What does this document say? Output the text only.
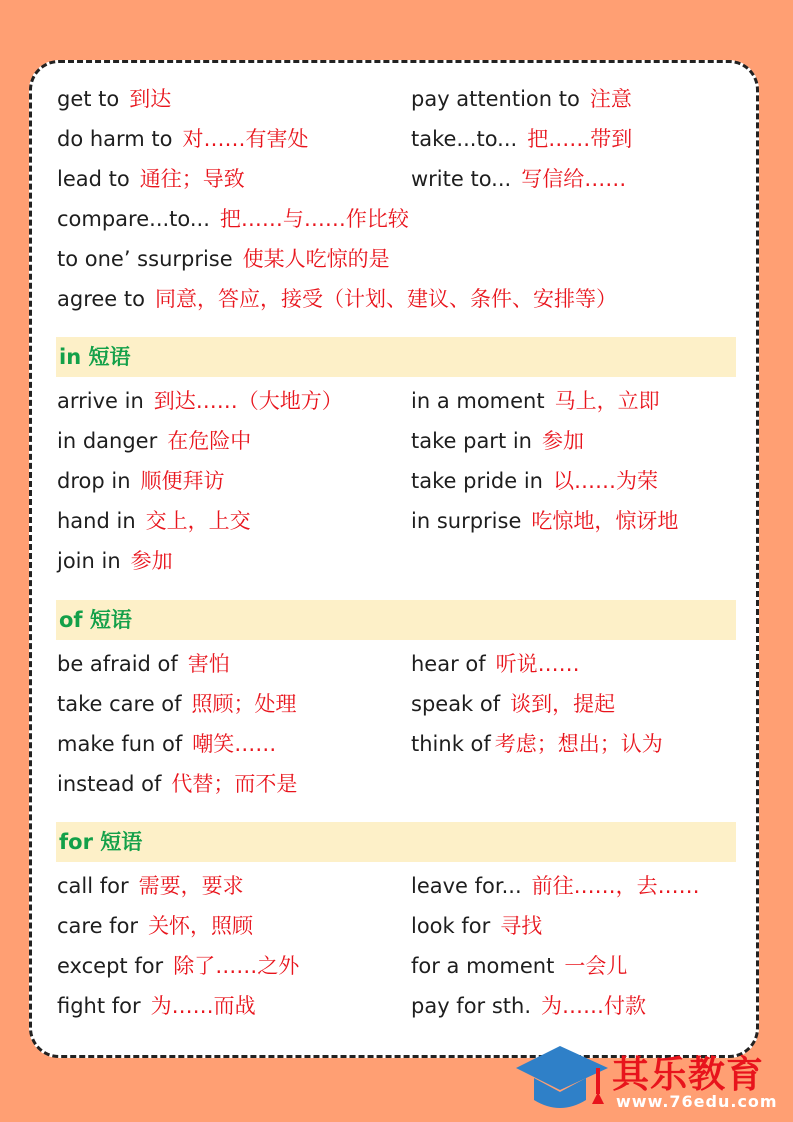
get to 到达	pay attention to 注意
do harm to 对……有害处	take...to... 把……带到
lead to 通往；导致	write to... 写信给……
compare...to... 把……与……作比较
to one’ ssurprise 使某人吃惊的是
agree to 同意，答应，接受（计划、建议、条件、安排等）
in 短语
arrive in 到达……（大地方）	in a moment 马上，立即
in danger 在危险中	take part in 参加
drop in 顺便拜访	take pride in 以……为荣
hand in 交上，上交	in surprise 吃惊地，惊讶地
join in 参加
of 短语
be afraid of 害怕	hear of 听说……
take care of 照顾；处理	speak of 谈到，提起
make fun of 嘲笑……	think of 考虑；想出；认为
instead of 代替；而不是
for 短语
call for 需要，要求	leave for... 前往……，去……
care for 关怀，照顾	look for 寻找
except for 除了……之外	for a moment 一会儿
fight for 为……而战	pay for sth. 为……付款
其乐教育
www.76edu.com
